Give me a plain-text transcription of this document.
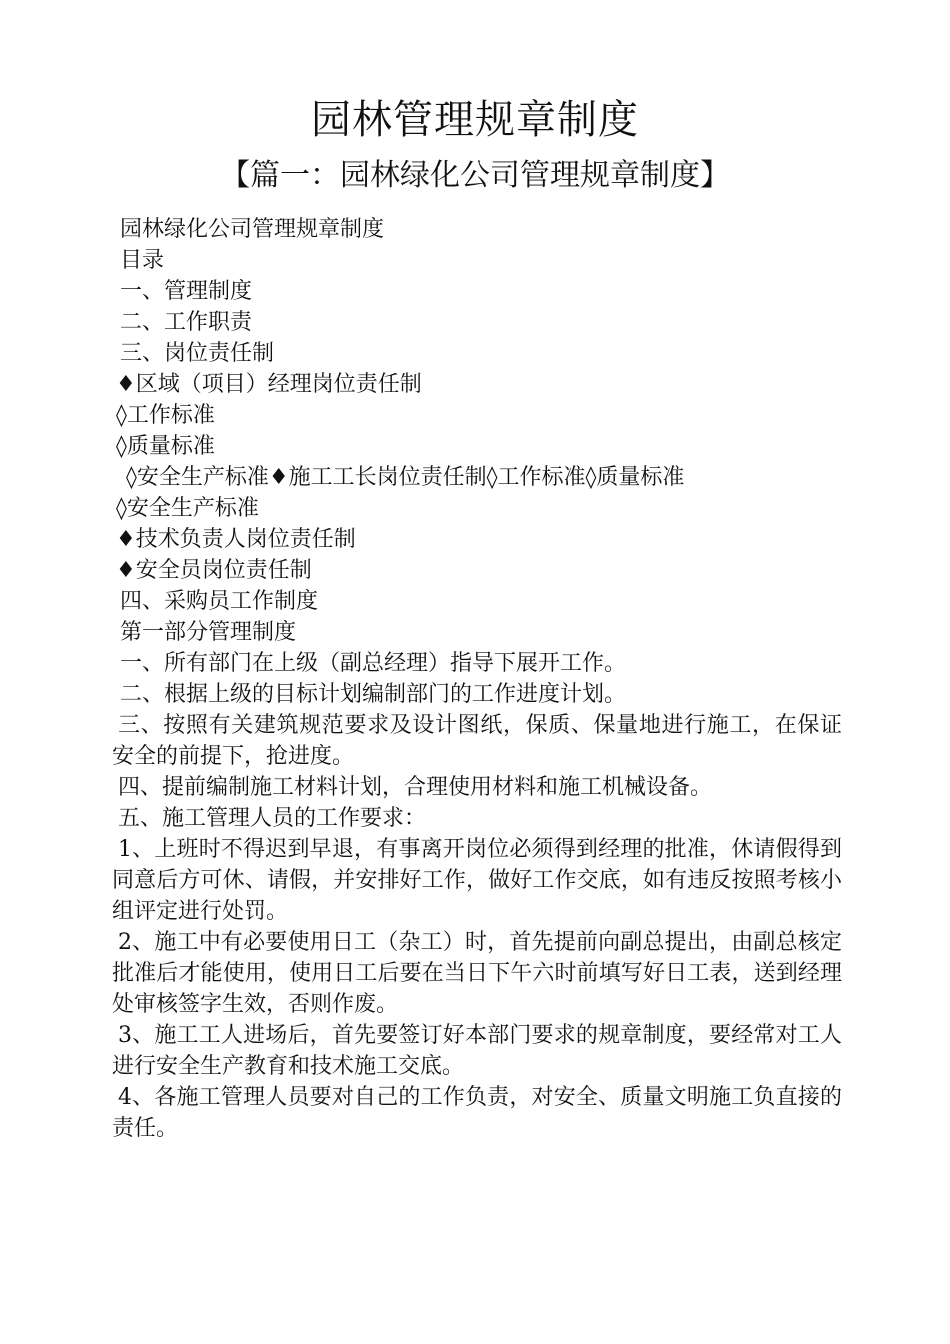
园林管理规章制度
【篇一：园林绿化公司管理规章制度】

园林绿化公司管理规章制度

目录

一、管理制度

二、工作职责

三、岗位责任制

♦区域（项目）经理岗位责任制

◊工作标准

◊质量标准

◊安全生产标准♦施工工长岗位责任制◊工作标准◊质量标准

◊安全生产标准

♦技术负责人岗位责任制

♦安全员岗位责任制

四、采购员工作制度

第一部分管理制度

一、所有部门在上级（副总经理）指导下展开工作。

二、根据上级的目标计划编制部门的工作进度计划。

三、按照有关建筑规范要求及设计图纸，保质、保量地进行施工，在保证安全的前提下，抢进度。

四、提前编制施工材料计划，合理使用材料和施工机械设备。

五、施工管理人员的工作要求：

1、上班时不得迟到早退，有事离开岗位必须得到经理的批准，休请假得到同意后方可休、请假，并安排好工作，做好工作交底，如有违反按照考核小组评定进行处罚。

2、施工中有必要使用日工（杂工）时，首先提前向副总提出，由副总核定批准后才能使用，使用日工后要在当日下午六时前填写好日工表，送到经理处审核签字生效，否则作废。

3、施工工人进场后，首先要签订好本部门要求的规章制度，要经常对工人进行安全生产教育和技术施工交底。

4、各施工管理人员要对自己的工作负责，对安全、质量文明施工负直接的责任。
